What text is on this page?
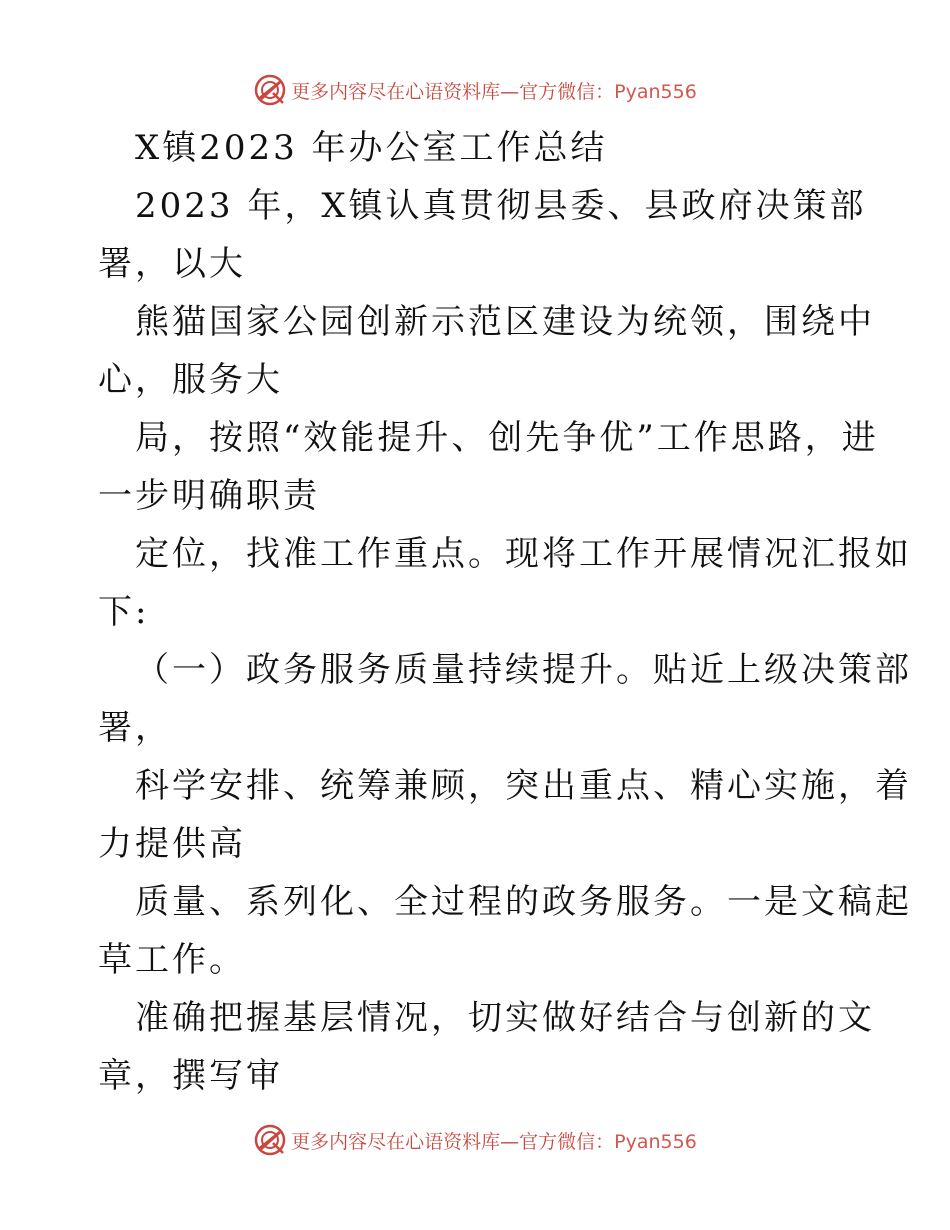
更多内容尽在心语资料库—官方微信：Pyan556
X镇2023 年办公室工作总结
2023 年，X镇认真贯彻县委、县政府决策部
署，以大
熊猫国家公园创新示范区建设为统领，围绕中
心，服务大
局，按照“效能提升、创先争优”工作思路，进
一步明确职责
定位，找准工作重点。现将工作开展情况汇报如
下:
（一）政务服务质量持续提升。贴近上级决策部
署，
科学安排、统筹兼顾，突出重点、精心实施，着
力提供高
质量、系列化、全过程的政务服务。一是文稿起
草工作。
准确把握基层情况，切实做好结合与创新的文
章，撰写审
更多内容尽在心语资料库—官方微信：Pyan556
